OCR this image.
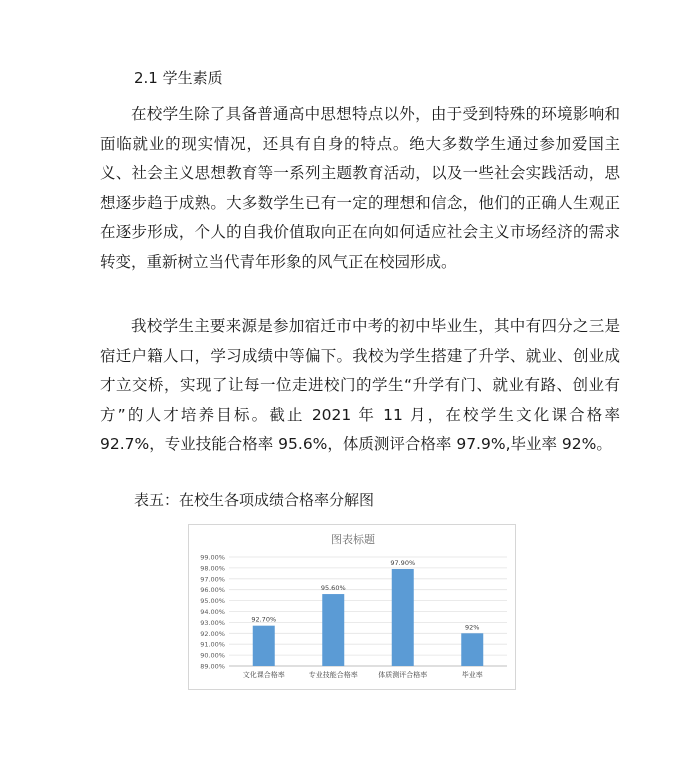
2.1 学生素质

在校学生除了具备普通高中思想特点以外，由于受到特殊的环境影响和面临就业的现实情况，还具有自身的特点。绝大多数学生通过参加爱国主义、社会主义思想教育等一系列主题教育活动，以及一些社会实践活动，思想逐步趋于成熟。大多数学生已有一定的理想和信念，他们的正确人生观正在逐步形成，个人的自我价值取向正在向如何适应社会主义市场经济的需求转变，重新树立当代青年形象的风气正在校园形成。

我校学生主要来源是参加宿迁市中考的初中毕业生，其中有四分之三是宿迁户籍人口，学习成绩中等偏下。我校为学生搭建了升学、就业、创业成才立交桥，实现了让每一位走进校门的学生“升学有门、就业有路、创业有方”的人才培养目标。截止 2021 年 11 月，在校学生文化课合格率 92.7%，专业技能合格率 95.6%，体质测评合格率 97.9%,毕业率 92%。

表五：在校生各项成绩合格率分解图
图表标题
89.00%
90.00%
91.00%
92.00%
93.00%
94.00%
95.00%
96.00%
97.00%
98.00%
99.00%
92.70%
文化课合格率
95.60%
专业技能合格率
97.90%
体质测评合格率
92%
毕业率
